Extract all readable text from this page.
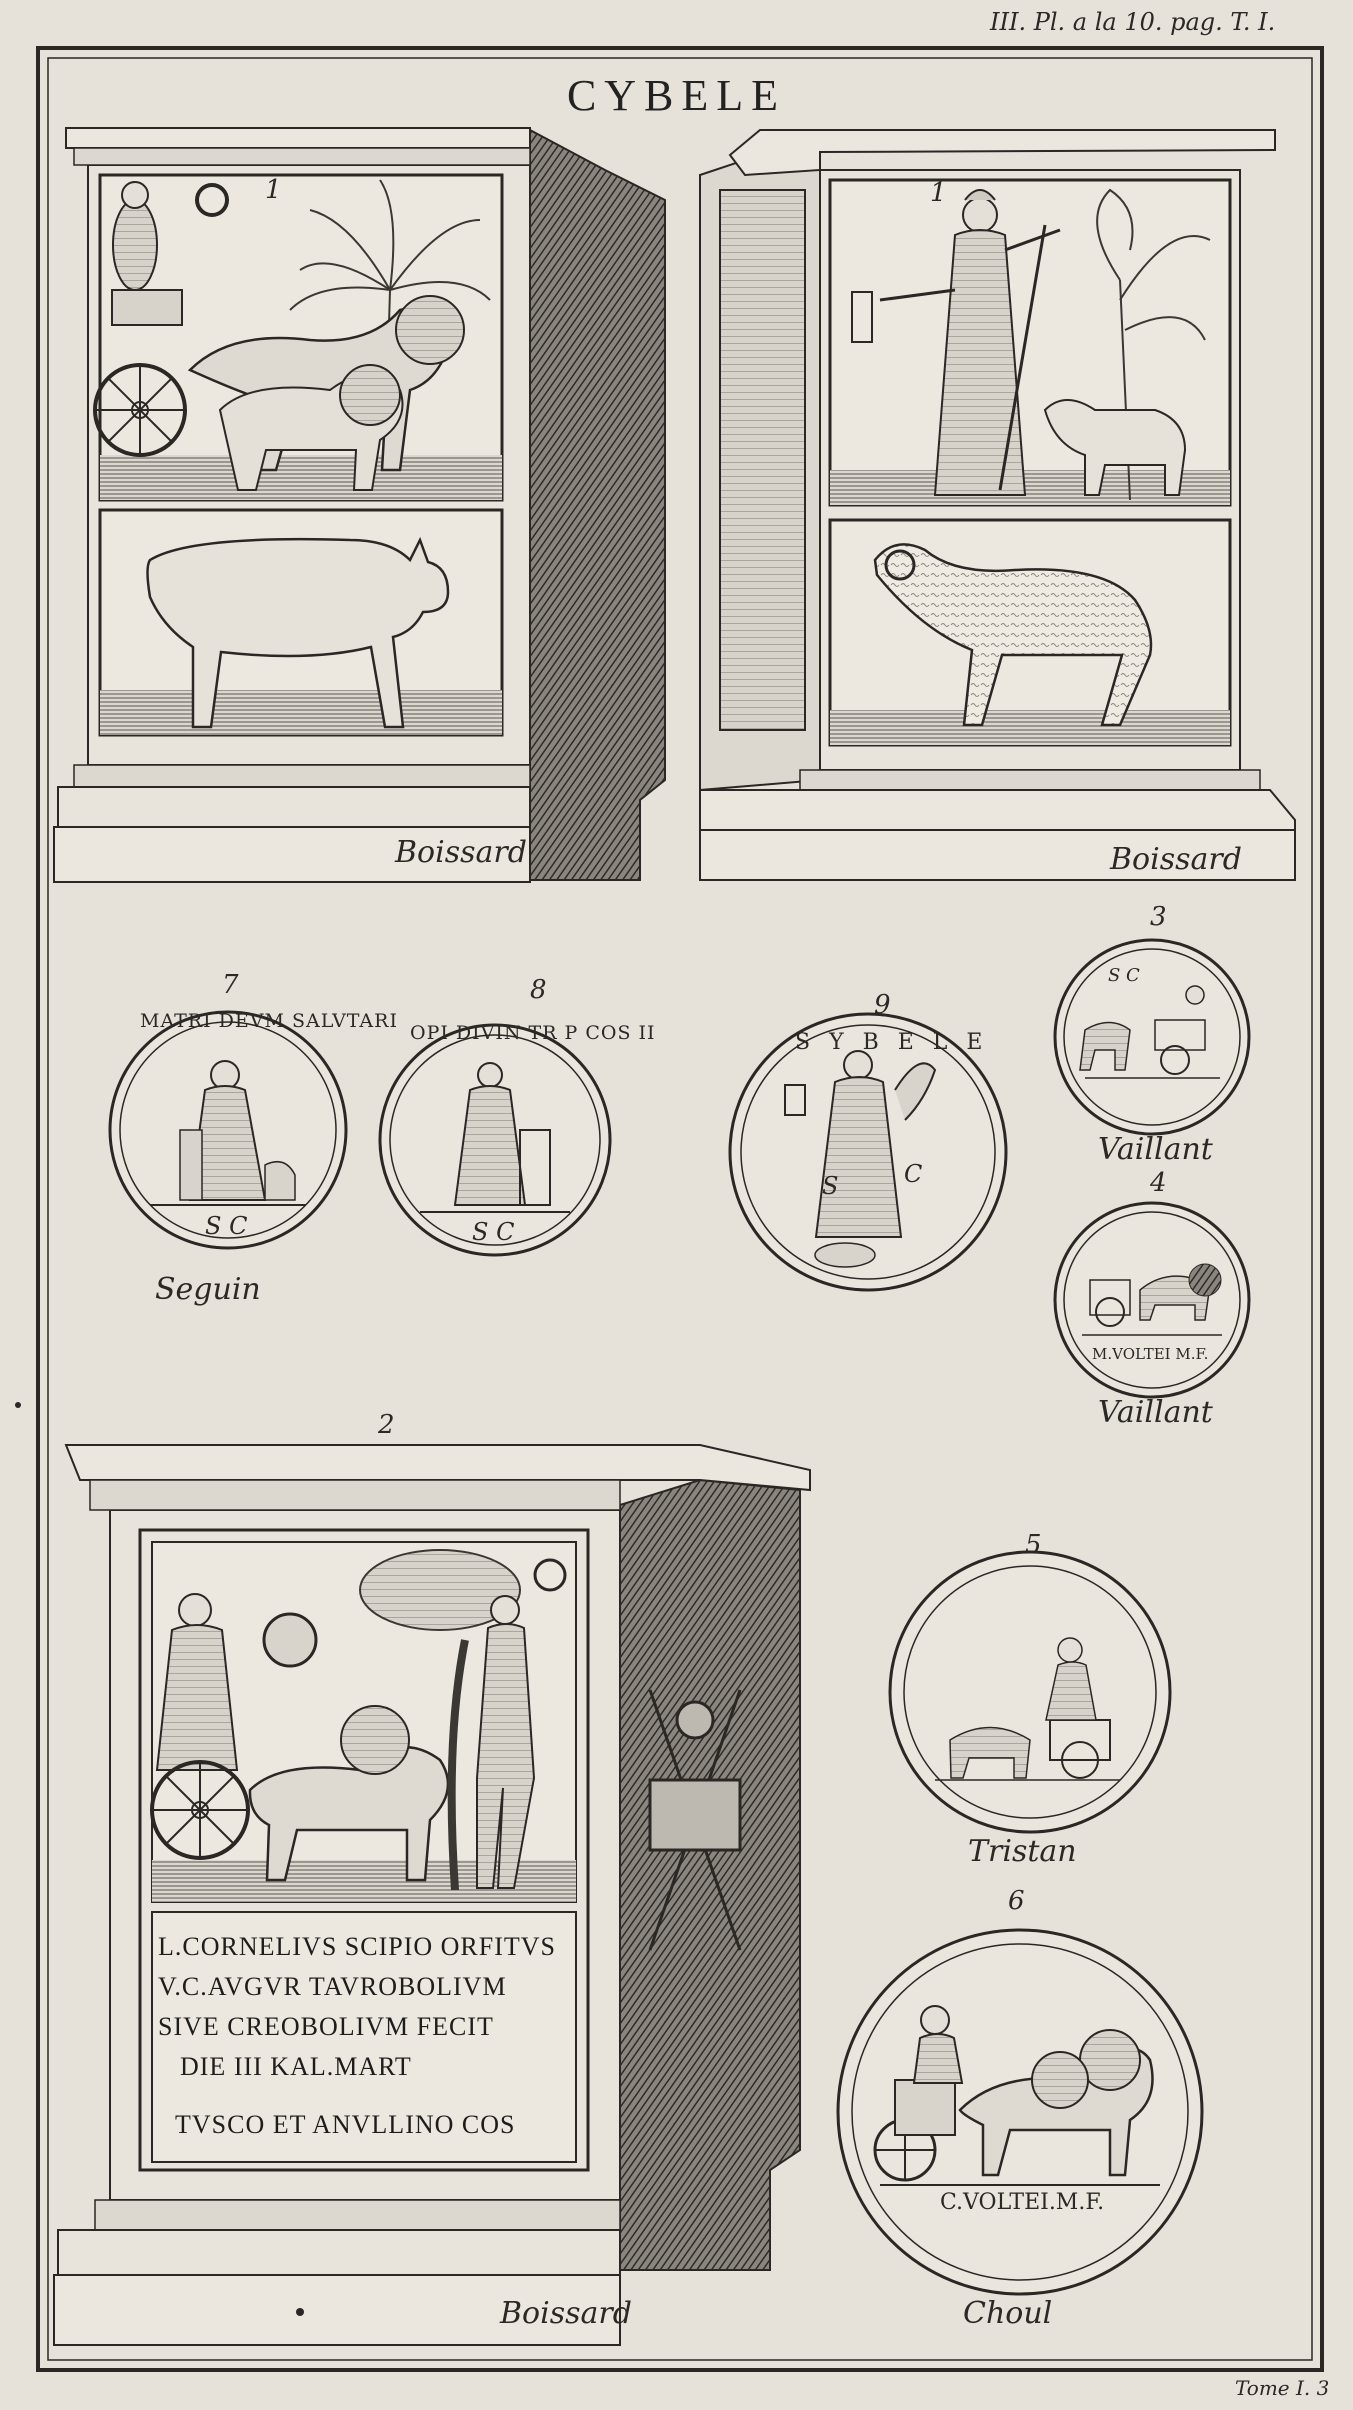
III. Pl. a la 10. pag. T. I.
CYBELE
1	1
Boissard	Boissard
7	8	9
3
4
MATRI DEVM SALVTARI
S C
OPI DIVIN TR P COS II
S C
S Y B E L E
S	C
S C
M.VOLTEI M.F.
C.VOLTEI.M.F.
Seguin
Vaillant
Vaillant
2
5
Tristan
6
L.CORNELIVS SCIPIO ORFITVS
V.C.AVGVR TAVROBOLIVM
SIVE CREOBOLIVM FECIT
DIE III KAL.MART
TVSCO ET ANVLLINO COS
Boissard	Choul
Tome I. 3
